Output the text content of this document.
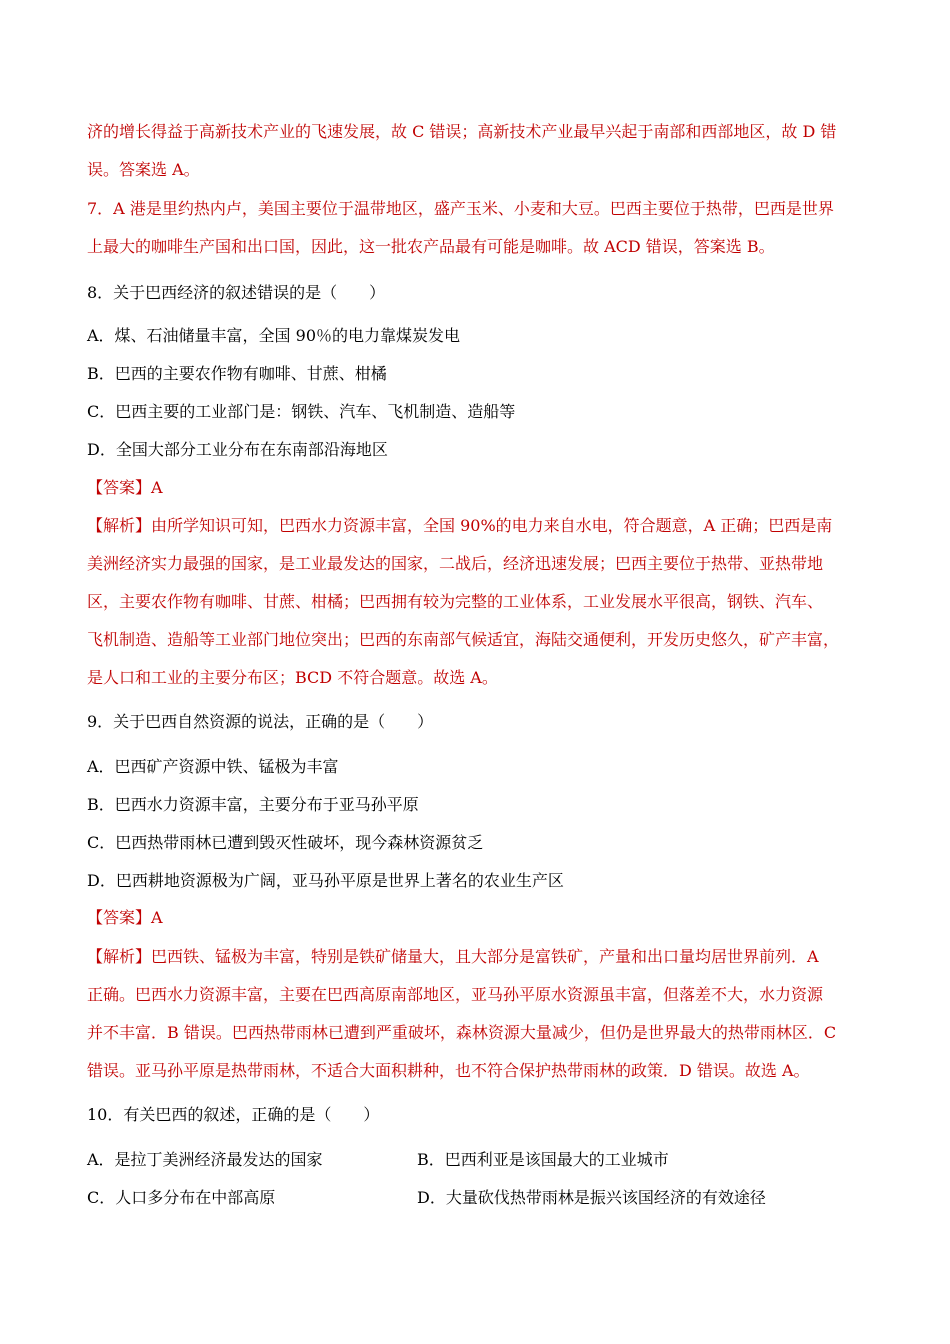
济的增长得益于高新技术产业的飞速发展，故 C 错误；高新技术产业最早兴起于南部和西部地区，故 D 错
误。答案选 A。
7．A 港是里约热内卢，美国主要位于温带地区，盛产玉米、小麦和大豆。巴西主要位于热带，巴西是世界
上最大的咖啡生产国和出口国，因此，这一批农产品最有可能是咖啡。故 ACD 错误，答案选 B。
8．关于巴西经济的叙述错误的是（　　）
A．煤、石油储量丰富，全国 90％的电力靠煤炭发电
B．巴西的主要农作物有咖啡、甘蔗、柑橘
C．巴西主要的工业部门是：钢铁、汽车、飞机制造、造船等
D．全国大部分工业分布在东南部沿海地区
【答案】A
【解析】由所学知识可知，巴西水力资源丰富，全国 90%的电力来自水电，符合题意，A 正确；巴西是南
美洲经济实力最强的国家，是工业最发达的国家，二战后，经济迅速发展；巴西主要位于热带、亚热带地
区，主要农作物有咖啡、甘蔗、柑橘；巴西拥有较为完整的工业体系，工业发展水平很高，钢铁、汽车、
飞机制造、造船等工业部门地位突出；巴西的东南部气候适宜，海陆交通便利，开发历史悠久，矿产丰富，
是人口和工业的主要分布区；BCD 不符合题意。故选 A。
9．关于巴西自然资源的说法，正确的是（　　）
A．巴西矿产资源中铁、锰极为丰富
B．巴西水力资源丰富，主要分布于亚马孙平原
C．巴西热带雨林已遭到毁灭性破坏，现今森林资源贫乏
D．巴西耕地资源极为广阔，亚马孙平原是世界上著名的农业生产区
【答案】A
【解析】巴西铁、锰极为丰富，特别是铁矿储量大，且大部分是富铁矿，产量和出口量均居世界前列．A
正确。巴西水力资源丰富，主要在巴西高原南部地区，亚马孙平原水资源虽丰富，但落差不大，水力资源
并不丰富．B 错误。巴西热带雨林已遭到严重破坏，森林资源大量减少，但仍是世界最大的热带雨林区．C
错误。亚马孙平原是热带雨林，不适合大面积耕种，也不符合保护热带雨林的政策．D 错误。故选 A。
10．有关巴西的叙述，正确的是（　　）
A．是拉丁美洲经济最发达的国家	B．巴西利亚是该国最大的工业城市
C．人口多分布在中部高原	D．大量砍伐热带雨林是振兴该国经济的有效途径
